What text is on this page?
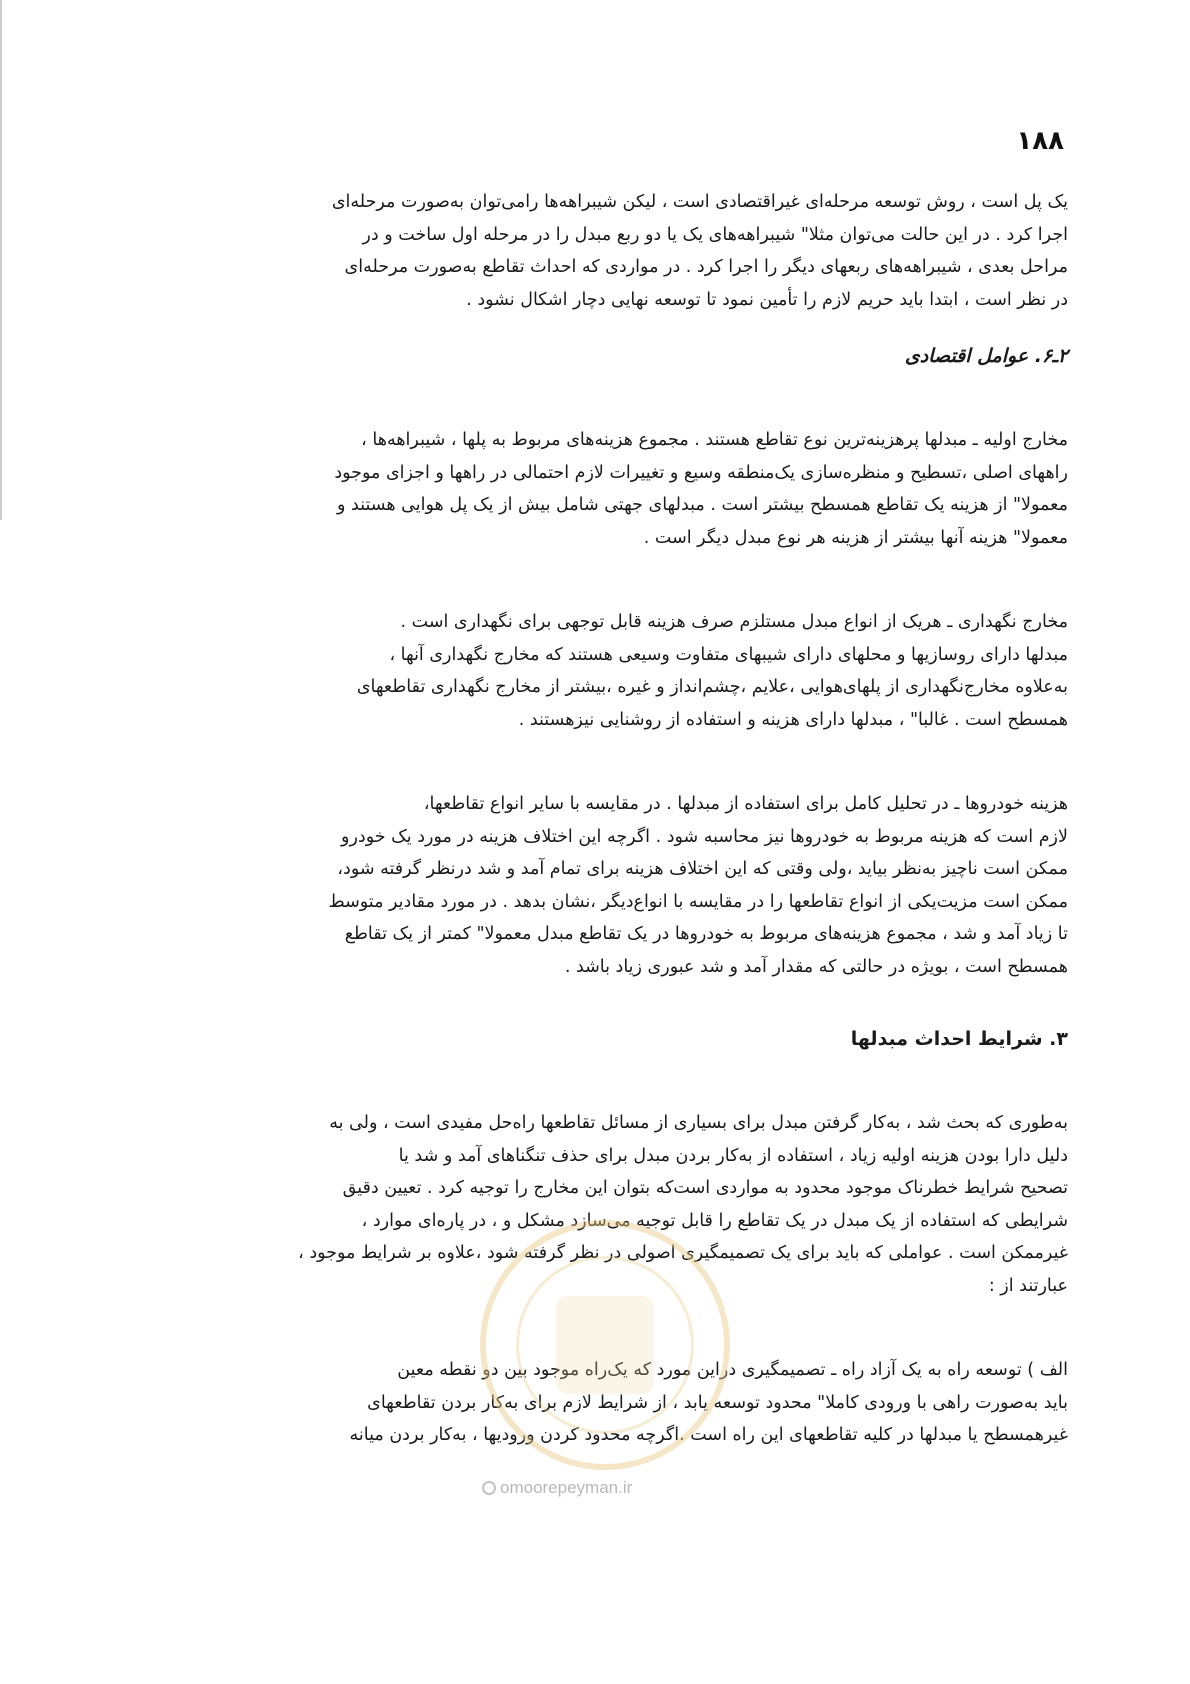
۱۸۸
یک پل است ، روش توسعه مرحله‌ای غیراقتصادی است ، لیکن شیبراهه‌ها رامی‌توان به‌صورت مرحله‌ای
اجرا کرد . در این حالت می‌توان مثلا" شیبراهه‌های یک یا دو ربع مبدل را در مرحله اول ساخت و در
مراحل بعدی ، شیبراهه‌های ربعهای دیگر را اجرا کرد . در مواردی که احداث تقاطع به‌صورت مرحله‌ای
در نظر است ، ابتدا باید حریم لازم را تأمین نمود تا توسعه نهایی دچار اشکال نشود .
۲ـ۶. عوامل اقتصادی
مخارج اولیه ـ مبدلها پرهزینه‌ترین نوع تقاطع هستند . مجموع هزینه‌های مربوط به پلها ، شیبراهه‌ها ،
راههای اصلی ،تسطیح و منظره‌سازی یک‌منطقه وسیع و تغییرات لازم احتمالی در راهها و اجزای موجود
معمولا" از هزینه یک تقاطع همسطح بیشتر است . مبدلهای جهتی شامل بیش از یک پل هوایی هستند و
معمولا" هزینه آنها بیشتر از هزینه هر نوع مبدل دیگر است .
مخارج نگهداری ـ هریک از انواع مبدل مستلزم صرف هزینه قابل توجهی برای نگهداری است .
مبدلها دارای روسازیها و محلهای دارای شیبهای متفاوت وسیعی هستند که مخارج نگهداری آنها ،
به‌علاوه مخارج‌نگهداری از پلهای‌هوایی ،علایم ،چشم‌انداز و غیره ،بیشتر از مخارج نگهداری تقاطعهای
همسطح است . غالبا" ، مبدلها دارای هزینه و استفاده از روشنایی نیزهستند .
هزینه خودروها ـ در تحلیل کامل برای استفاده از مبدلها . در مقایسه با سایر انواع تقاطعها،
لازم است که هزینه مربوط به خودروها نیز محاسبه شود . اگرچه این اختلاف هزینه در مورد یک خودرو
ممکن است ناچیز به‌نظر بیاید ،ولی وقتی که این اختلاف هزینه برای تمام آمد و شد درنظر گرفته شود،
ممکن است مزیت‌یکی از انواع تقاطعها را در مقایسه با انواع‌دیگر ،نشان بدهد . در مورد مقادیر متوسط
تا زیاد آمد و شد ، مجموع هزینه‌های مربوط به خودروها در یک تقاطع مبدل معمولا" کمتر از یک تقاطع
همسطح است ، بویژه در حالتی که مقدار آمد و شد عبوری زیاد باشد .
۳. شرایط احداث مبدلها
به‌طوری که بحث شد ، به‌کار گرفتن مبدل برای بسیاری از مسائل تقاطعها راه‌حل مفیدی است ، ولی به
دلیل دارا بودن هزینه اولیه زیاد ، استفاده از به‌کار بردن مبدل برای حذف تنگناهای آمد و شد یا
تصحیح شرایط خطرناک موجود محدود به مواردی است‌که بتوان این مخارج را توجیه کرد . تعیین دقیق
شرایطی که استفاده از یک مبدل در یک تقاطع را قابل توجیه می‌سازد مشکل و ، در پاره‌ای موارد ،
غیرممکن است . عواملی که باید برای یک تصمیمگیری اصولی در نظر گرفته شود ،علاوه بر شرایط موجود ،
عبارتند از :
الف ) توسعه راه به یک آزاد راه ـ تصمیمگیری دراین مورد که یک‌راه موجود بین دو نقطه معین
باید به‌صورت راهی با ورودی کاملا" محدود توسعه یابد ، از شرایط لازم برای به‌کار بردن تقاطعهای
غیرهمسطح یا مبدلها در کلیه تقاطعهای این راه است .اگرچه محدود کردن ورودیها ، به‌کار بردن میانه
omoorepeyman.ir
